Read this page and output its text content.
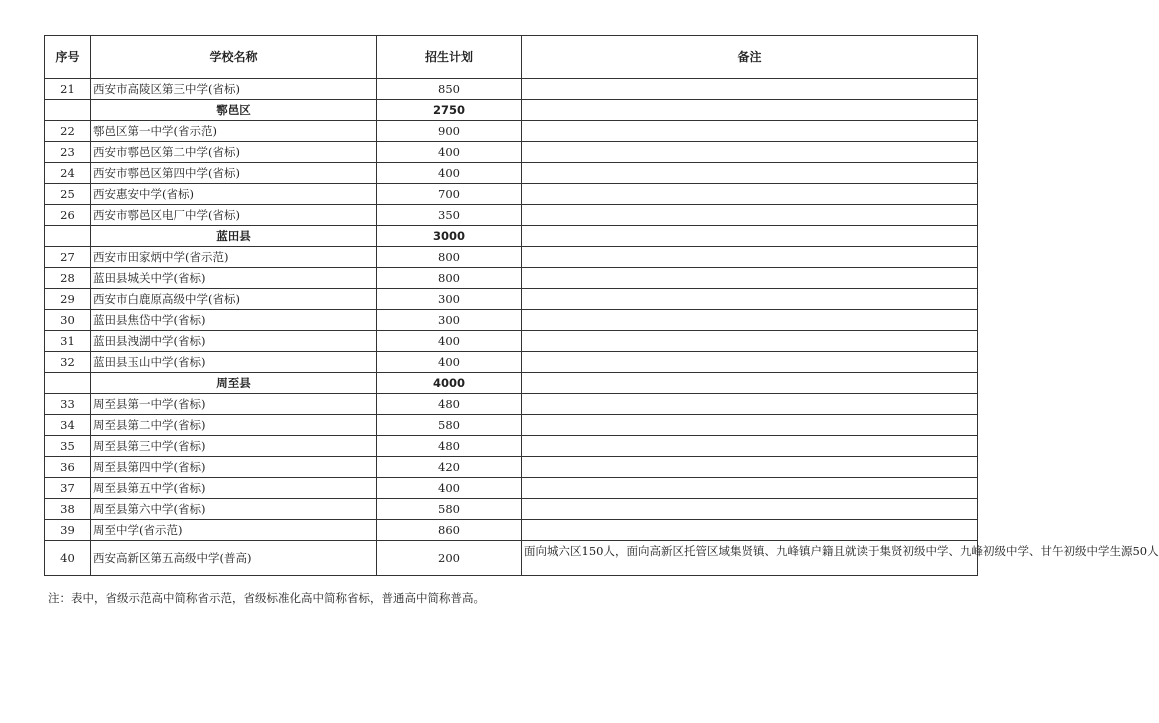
序号	学校名称	招生计划	备注
21	西安市高陵区第三中学(省标)	850	
	鄠邑区	2750	
22	鄠邑区第一中学(省示范)	900	
23	西安市鄠邑区第二中学(省标)	400	
24	西安市鄠邑区第四中学(省标)	400	
25	西安惠安中学(省标)	700	
26	西安市鄠邑区电厂中学(省标)	350	
	蓝田县	3000	
27	西安市田家炳中学(省示范)	800	
28	蓝田县城关中学(省标)	800	
29	西安市白鹿原高级中学(省标)	300	
30	蓝田县焦岱中学(省标)	300	
31	蓝田县洩湖中学(省标)	400	
32	蓝田县玉山中学(省标)	400	
	周至县	4000	
33	周至县第一中学(省标)	480	
34	周至县第二中学(省标)	580	
35	周至县第三中学(省标)	480	
36	周至县第四中学(省标)	420	
37	周至县第五中学(省标)	400	
38	周至县第六中学(省标)	580	
39	周至中学(省示范)	860	
40	西安高新区第五高级中学(普高)	200	面向城六区150人，面向高新区托管区域集贤镇、九峰镇户籍且就读于集贤初级中学、九峰初级中学、甘午初级中学生源50人
注：表中，省级示范高中简称省示范，省级标准化高中简称省标，普通高中简称普高。
